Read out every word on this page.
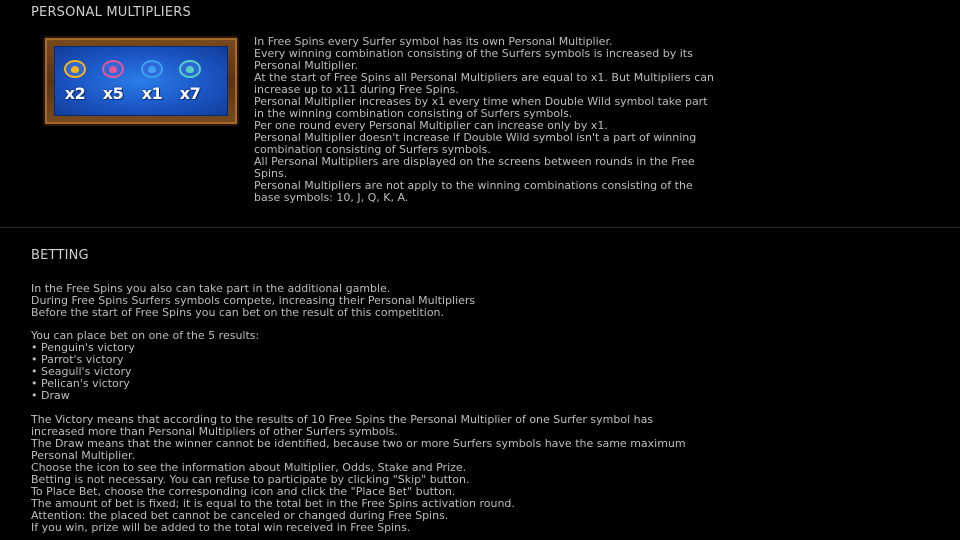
PERSONAL MULTIPLIERS
x2	x5	x1	x7
In Free Spins every Surfer symbol has its own Personal Multiplier.
Every winning combination consisting of the Surfers symbols is increased by its
Personal Multiplier.
At the start of Free Spins all Personal Multipliers are equal to x1. But Multipliers can
increase up to x11 during Free Spins.
Personal Multiplier increases by x1 every time when Double Wild symbol take part
in the winning combination consisting of Surfers symbols.
Per one round every Personal Multiplier can increase only by x1.
Personal Multiplier doesn't increase if Double Wild symbol isn't a part of winning
combination consisting of Surfers symbols.
All Personal Multipliers are displayed on the screens between rounds in the Free
Spins.
Personal Multipliers are not apply to the winning combinations consisting of the
base symbols: 10, J, Q, K, A.
BETTING
In the Free Spins you also can take part in the additional gamble.
During Free Spins Surfers symbols compete, increasing their Personal Multipliers
Before the start of Free Spins you can bet on the result of this competition.
You can place bet on one of the 5 results:
• Penguin's victory
• Parrot's victory
• Seagull's victory
• Pelican's victory
• Draw
The Victory means that according to the results of 10 Free Spins the Personal Multiplier of one Surfer symbol has
increased more than Personal Multipliers of other Surfers symbols.
The Draw means that the winner cannot be identified, because two or more Surfers symbols have the same maximum
Personal Multiplier.
Choose the icon to see the information about Multiplier, Odds, Stake and Prize.
Betting is not necessary. You can refuse to participate by clicking "Skip" button.
To Place Bet, choose the corresponding icon and click the "Place Bet" button.
The amount of bet is fixed; it is equal to the total bet in the Free Spins activation round.
Attention: the placed bet cannot be canceled or changed during Free Spins.
If you win, prize will be added to the total win received in Free Spins.
